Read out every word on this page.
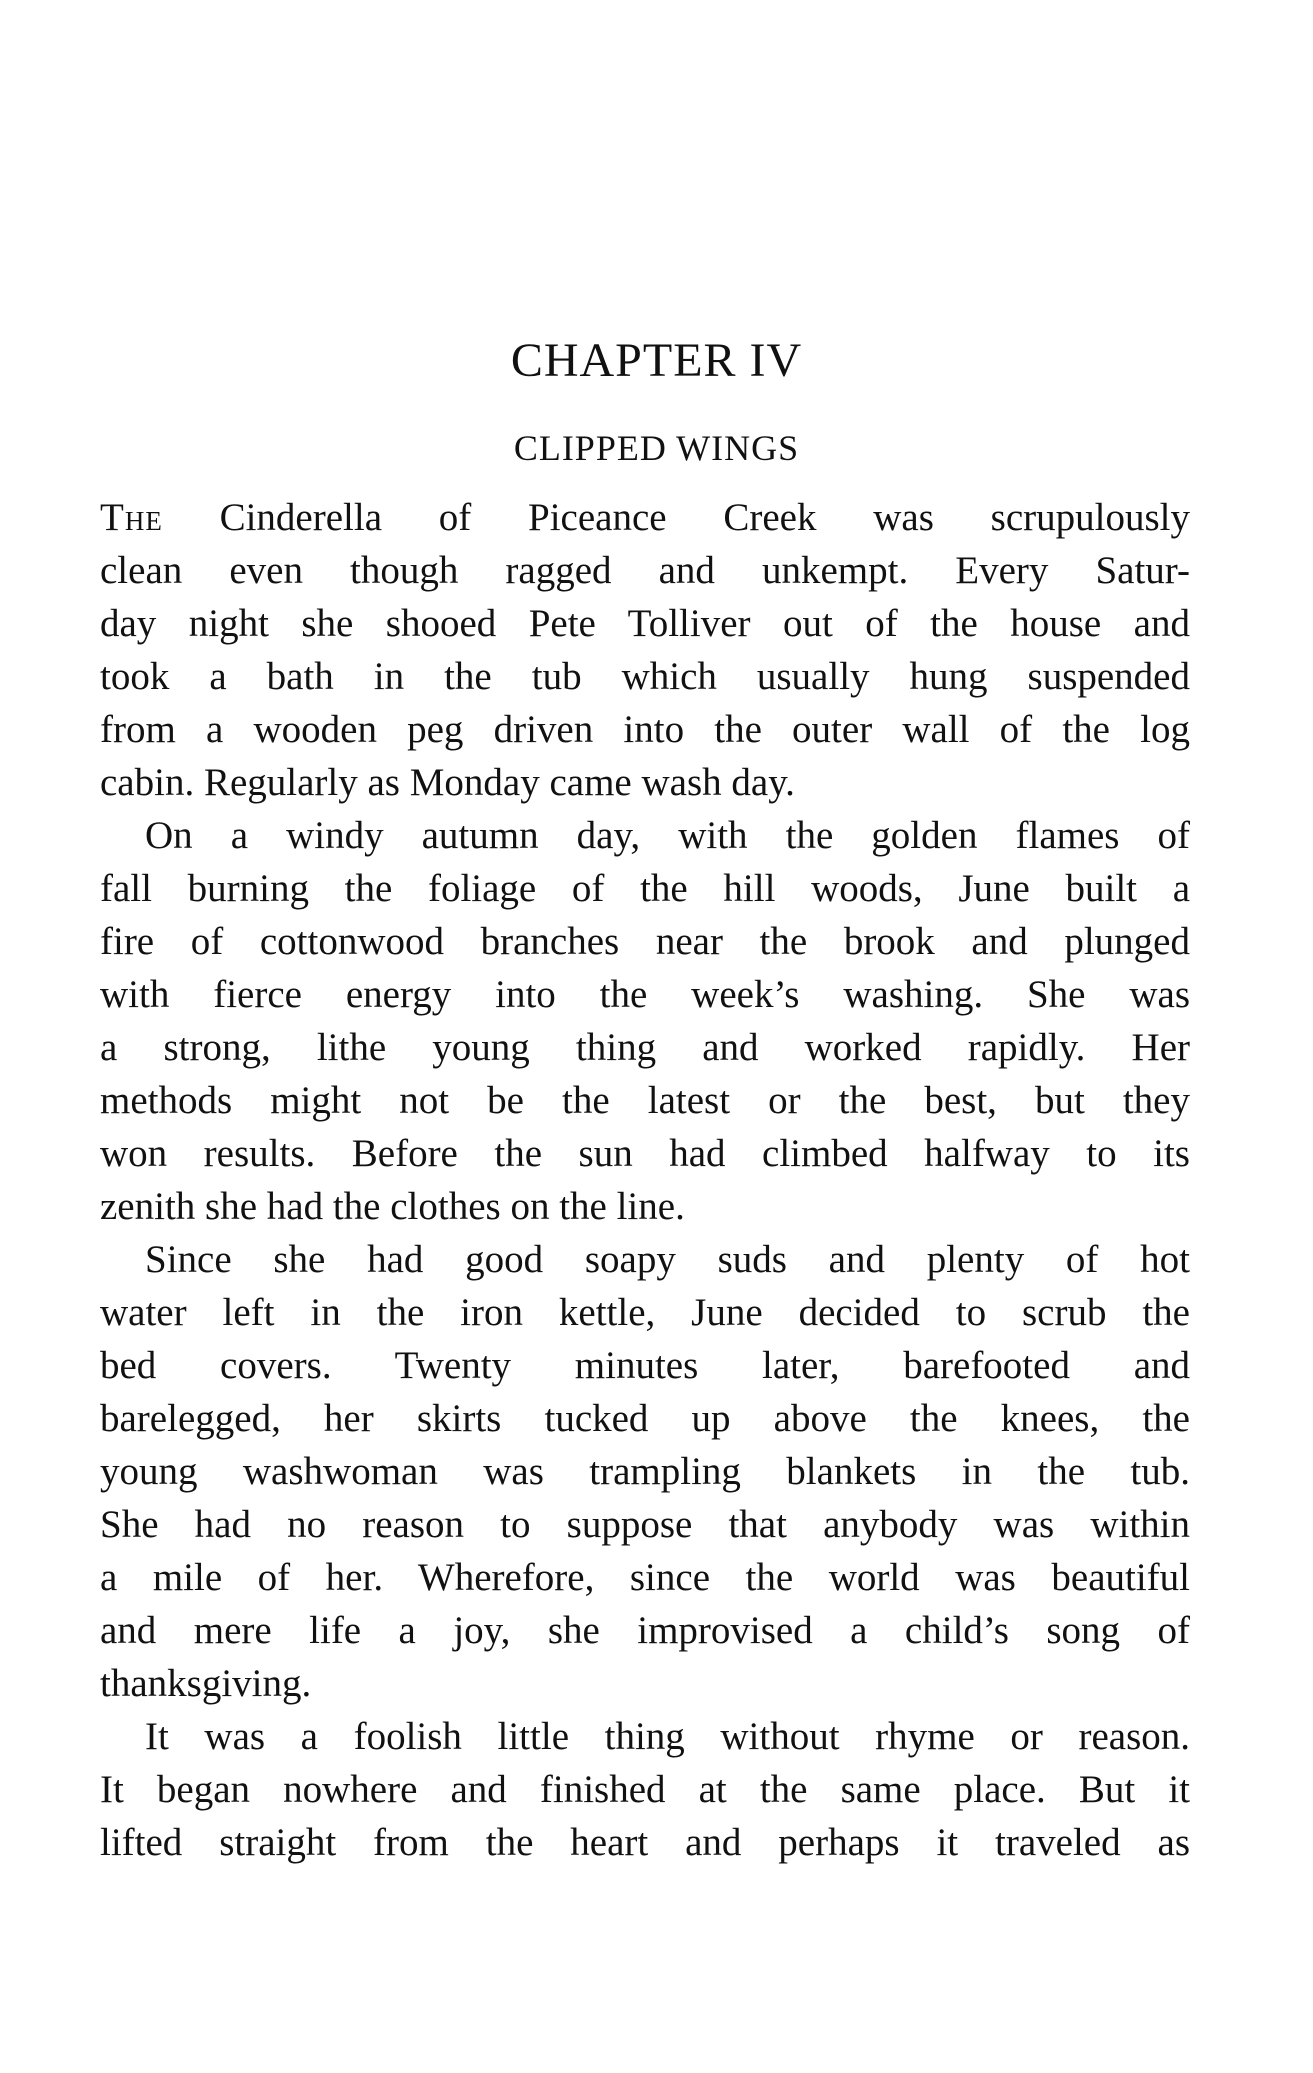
CHAPTER IV
CLIPPED WINGS
The Cinderella of Piceance Creek was scrupulously
clean even though ragged and unkempt. Every Satur-
day night she shooed Pete Tolliver out of the house and
took a bath in the tub which usually hung suspended
from a wooden peg driven into the outer wall of the log
cabin. Regularly as Monday came wash day.
On a windy autumn day, with the golden flames of
fall burning the foliage of the hill woods, June built a
fire of cottonwood branches near the brook and plunged
with fierce energy into the week’s washing. She was
a strong, lithe young thing and worked rapidly. Her
methods might not be the latest or the best, but they
won results. Before the sun had climbed halfway to its
zenith she had the clothes on the line.
Since she had good soapy suds and plenty of hot
water left in the iron kettle, June decided to scrub the
bed covers. Twenty minutes later, barefooted and
barelegged, her skirts tucked up above the knees, the
young washwoman was trampling blankets in the tub.
She had no reason to suppose that anybody was within
a mile of her. Wherefore, since the world was beautiful
and mere life a joy, she improvised a child’s song of
thanksgiving.
It was a foolish little thing without rhyme or reason.
It began nowhere and finished at the same place. But it
lifted straight from the heart and perhaps it traveled as
